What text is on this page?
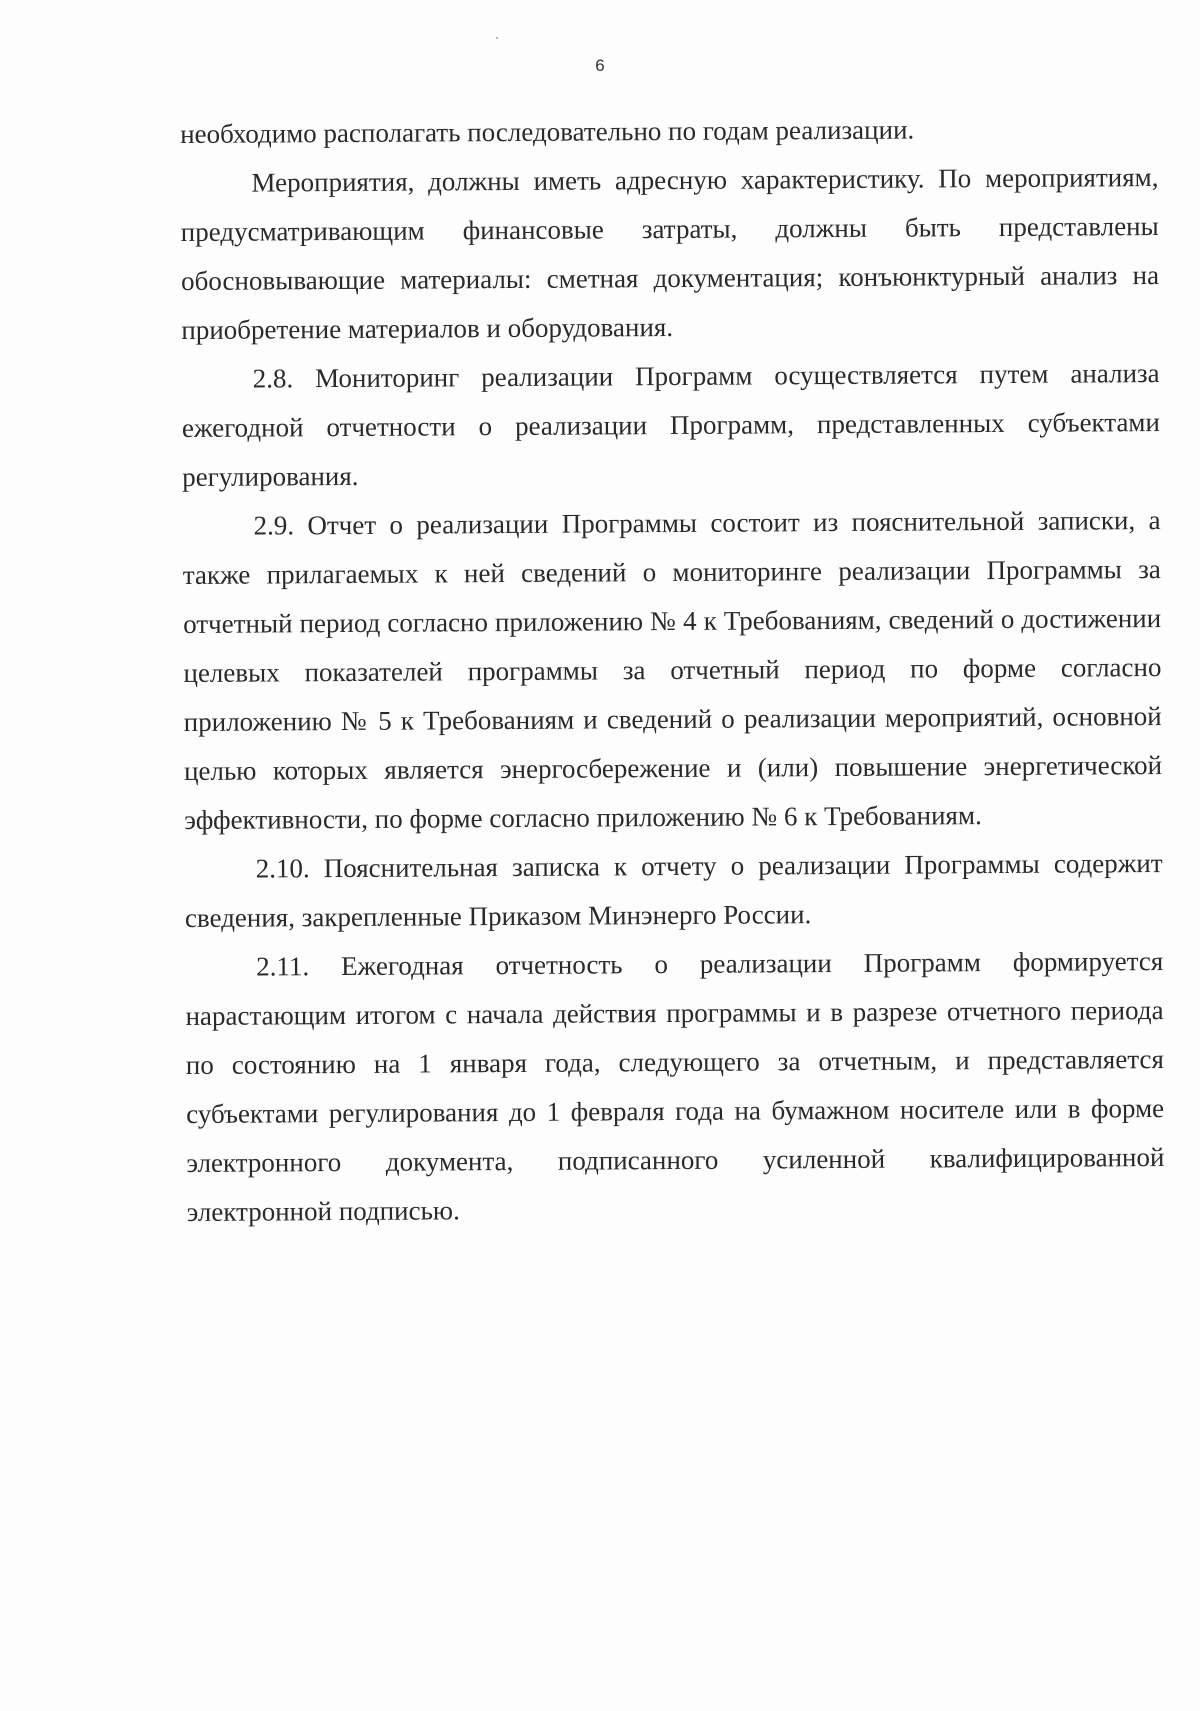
6

необходимо располагать последовательно по годам реализации.

Мероприятия, должны иметь адресную характеристику. По мероприятиям, предусматривающим финансовые затраты, должны быть представлены обосновывающие материалы: сметная документация; конъюнктурный анализ на приобретение материалов и оборудования.

2.8. Мониторинг реализации Программ осуществляется путем анализа ежегодной отчетности о реализации Программ, представленных субъектами регулирования.

2.9. Отчет о реализации Программы состоит из пояснительной записки, а также прилагаемых к ней сведений о мониторинге реализации Программы за отчетный период согласно приложению № 4 к Требованиям, сведений о достижении целевых показателей программы за отчетный период по форме согласно приложению № 5 к Требованиям и сведений о реализации мероприятий, основной целью которых является энергосбережение и (или) повышение энергетической эффективности, по форме согласно приложению № 6 к Требованиям.

2.10. Пояснительная записка к отчету о реализации Программы содержит сведения, закрепленные Приказом Минэнерго России.

2.11. Ежегодная отчетность о реализации Программ формируется нарастающим итогом с начала действия программы и в разрезе отчетного периода по состоянию на 1 января года, следующего за отчетным, и представляется субъектами регулирования до 1 февраля года на бумажном носителе или в форме электронного документа, подписанного усиленной квалифицированной электронной подписью.
